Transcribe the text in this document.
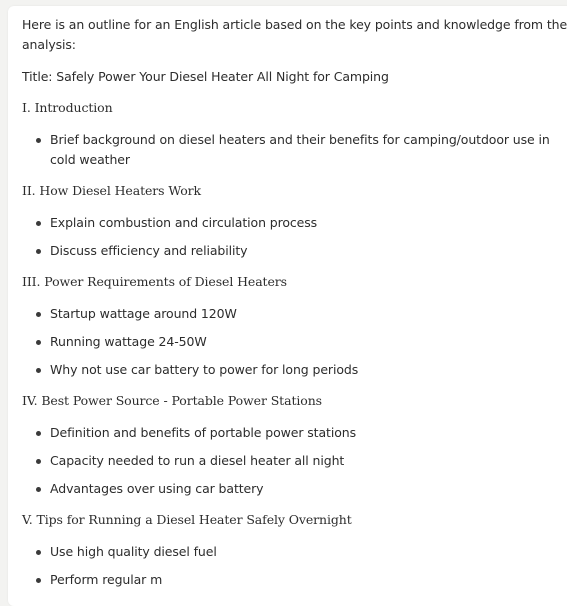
Here is an outline for an English article based on the key points and knowledge from the
analysis:
Title: Safely Power Your Diesel Heater All Night for Camping
I. Introduction
Brief background on diesel heaters and their benefits for camping/outdoor use in
cold weather
II. How Diesel Heaters Work
Explain combustion and circulation process
Discuss efficiency and reliability
III. Power Requirements of Diesel Heaters
Startup wattage around 120W
Running wattage 24-50W
Why not use car battery to power for long periods
IV. Best Power Source - Portable Power Stations
Definition and benefits of portable power stations
Capacity needed to run a diesel heater all night
Advantages over using car battery
V. Tips for Running a Diesel Heater Safely Overnight
Use high quality diesel fuel
Perform regular m
